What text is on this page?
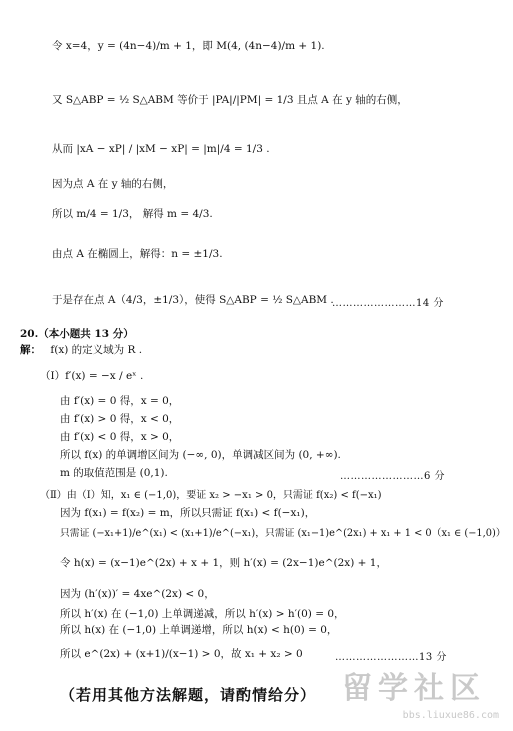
令 x=4，y = (4n−4)/m + 1，即 M(4, (4n−4)/m + 1).
又 S△ABP = ½ S△ABM 等价于 |PA|/|PM| = 1/3 且点 A 在 y 轴的右侧，
从而 |xA − xP| / |xM − xP| = |m|/4 = 1/3 .
因为点 A 在 y 轴的右侧，
所以 m/4 = 1/3， 解得 m = 4/3.
由点 A 在椭圆上，解得：n = ±1/3.
于是存在点 A（4/3，±1/3），使得 S△ABP = ½ S△ABM .
……………………14 分
20.（本小题共 13 分）
解： f(x) 的定义域为 R .
（Ⅰ）f′(x) = −x / eˣ .
由 f′(x) = 0 得，x = 0，
由 f′(x) > 0 得，x < 0，
由 f′(x) < 0 得，x > 0，
所以 f(x) 的单调增区间为 (−∞, 0)，单调减区间为 (0, +∞).
m 的取值范围是 (0,1).	……………………6 分
（Ⅱ）由（Ⅰ）知，x₁ ∈ (−1,0)，要证 x₂ > −x₁ > 0，只需证 f(x₂) < f(−x₁)
因为 f(x₁) = f(x₂) = m，所以只需证 f(x₁) < f(−x₁)，
只需证 (−x₁+1)/e^(x₁) < (x₁+1)/e^(−x₁)，只需证 (x₁−1)e^(2x₁) + x₁ + 1 < 0（x₁ ∈ (−1,0)）
令 h(x) = (x−1)e^(2x) + x + 1，则 h′(x) = (2x−1)e^(2x) + 1，
因为 (h′(x))′ = 4xe^(2x) < 0，
所以 h′(x) 在 (−1,0) 上单调递减，所以 h′(x) > h′(0) = 0，
所以 h(x) 在 (−1,0) 上单调递增，所以 h(x) < h(0) = 0，
所以 e^(2x) + (x+1)/(x−1) > 0，故 x₁ + x₂ > 0	……………………13 分
（若用其他方法解题，请酌情给分） 留学社区
bbs.liuxue86.com
